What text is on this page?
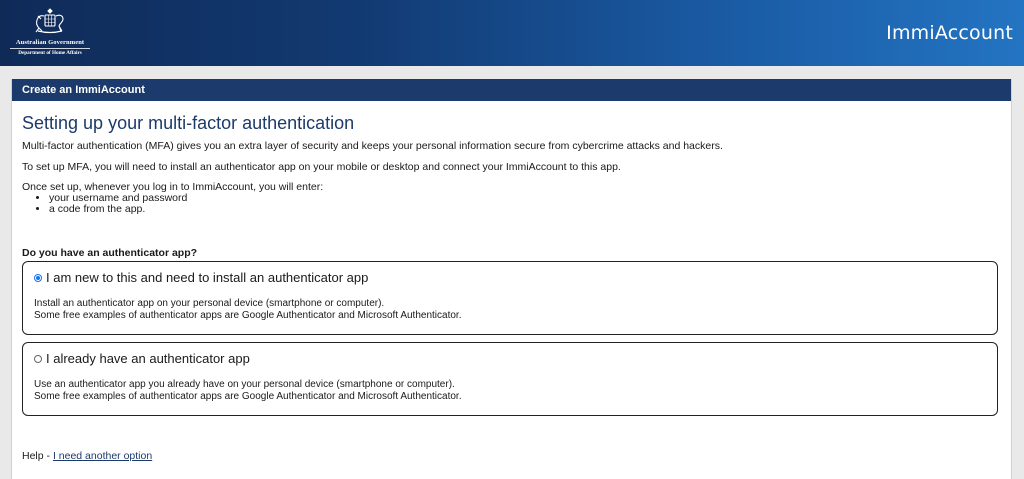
Australian Government
Department of Home Affairs
ImmiAccount
Create an ImmiAccount
Setting up your multi-factor authentication

Multi-factor authentication (MFA) gives you an extra layer of security and keeps your personal information secure from cybercrime attacks and hackers.

To set up MFA, you will need to install an authenticator app on your mobile or desktop and connect your ImmiAccount to this app.

Once set up, whenever you log in to ImmiAccount, you will enter:
• your username and password
• a code from the app.
Do you have an authenticator app?
I am new to this and need to install an authenticator app
Install an authenticator app on your personal device (smartphone or computer).
Some free examples of authenticator apps are Google Authenticator and Microsoft Authenticator.
I already have an authenticator app
Use an authenticator app you already have on your personal device (smartphone or computer).
Some free examples of authenticator apps are Google Authenticator and Microsoft Authenticator.
Help - I need another option
